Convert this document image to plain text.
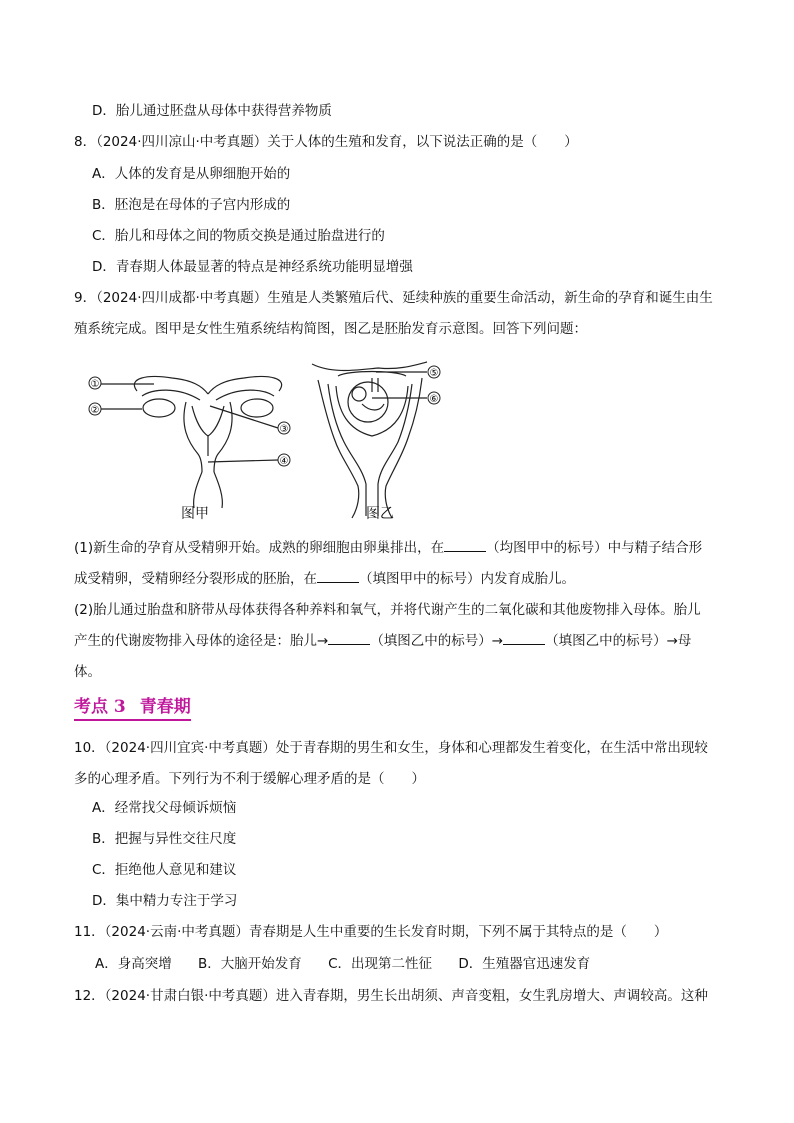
D．胎儿通过胚盘从母体中获得营养物质
8．（2024·四川凉山·中考真题）关于人体的生殖和发育，以下说法正确的是（　　）
A．人体的发育是从卵细胞开始的
B．胚泡是在母体的子宫内形成的
C．胎儿和母体之间的物质交换是通过胎盘进行的
D．青春期人体最显著的特点是神经系统功能明显增强
9．（2024·四川成都·中考真题）生殖是人类繁殖后代、延续种族的重要生命活动，新生命的孕育和诞生由生
殖系统完成。图甲是女性生殖系统结构简图，图乙是胚胎发育示意图。回答下列问题：
①
②
③
④
⑤
⑥
图甲	图乙
(1)新生命的孕育从受精卵开始。成熟的卵细胞由卵巢排出，在	（均图甲中的标号）中与精子结合形
成受精卵，受精卵经分裂形成的胚胎，在	（填图甲中的标号）内发育成胎儿。
(2)胎儿通过胎盘和脐带从母体获得各种养料和氧气，并将代谢产生的二氧化碳和其他废物排入母体。胎儿
产生的代谢废物排入母体的途径是：胎儿→	（填图乙中的标号）→	（填图乙中的标号）→母
体。
考点 3 青春期
10．（2024·四川宜宾·中考真题）处于青春期的男生和女生，身体和心理都发生着变化，在生活中常出现较
多的心理矛盾。下列行为不利于缓解心理矛盾的是（　　）
A．经常找父母倾诉烦恼
B．把握与异性交往尺度
C．拒绝他人意见和建议
D．集中精力专注于学习
11．（2024·云南·中考真题）青春期是人生中重要的生长发育时期，下列不属于其特点的是（　　）
A．身高突增 B．大脑开始发育 C．出现第二性征 D．生殖器官迅速发育
12．（2024·甘肃白银·中考真题）进入青春期，男生长出胡须、声音变粗，女生乳房增大、声调较高。这种
